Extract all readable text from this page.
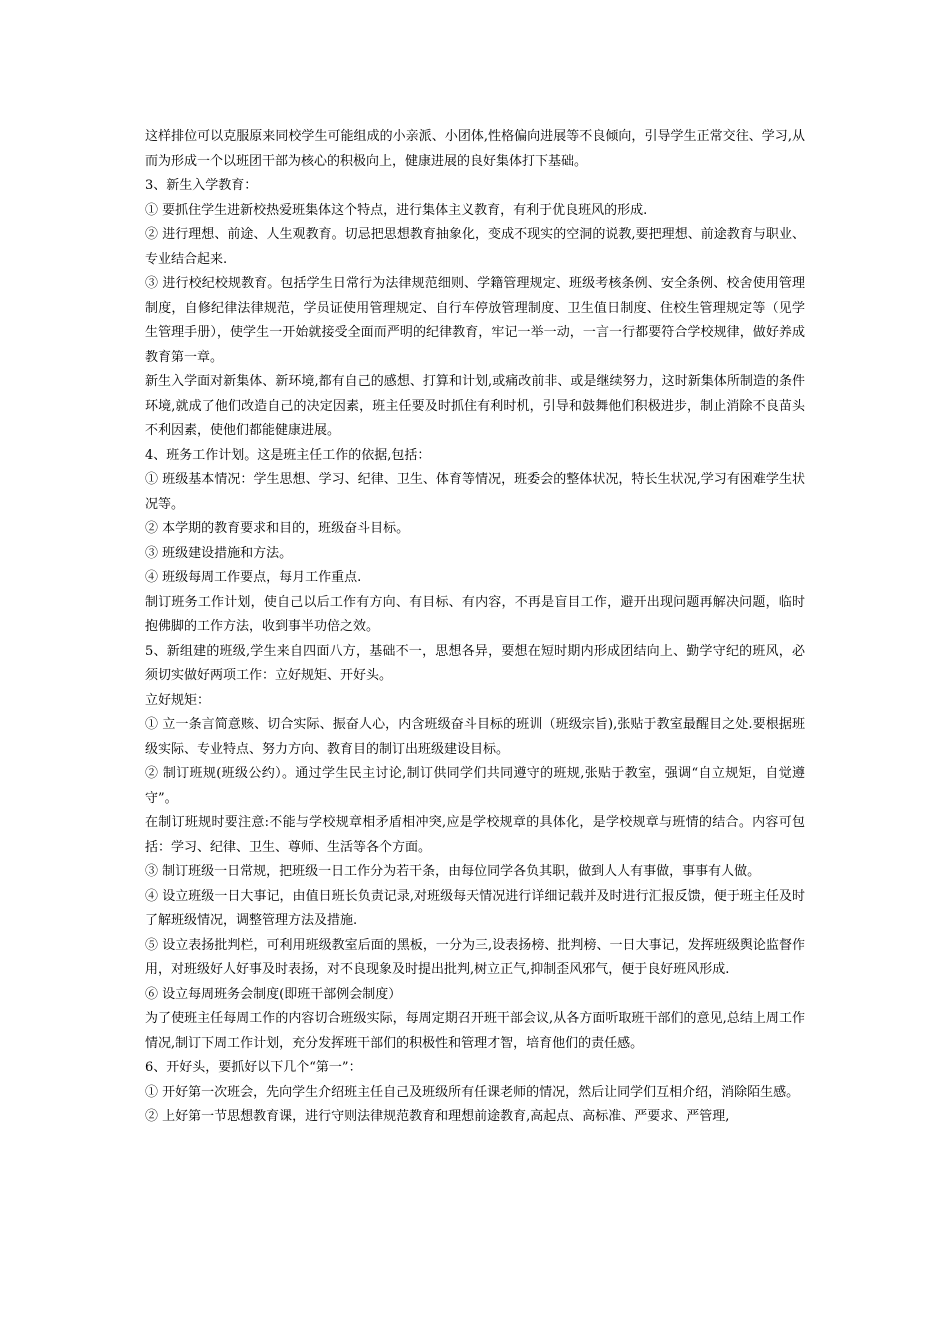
这样排位可以克服原来同校学生可能组成的小亲派、小团体,性格偏向进展等不良倾向，引导学生正常交往、学习,从而为形成一个以班团干部为核心的积极向上，健康进展的良好集体打下基础。

3、新生入学教育：

① 要抓住学生进新校热爱班集体这个特点，进行集体主义教育，有利于优良班风的形成.

② 进行理想、前途、人生观教育。切忌把思想教育抽象化，变成不现实的空洞的说教,要把理想、前途教育与职业、专业结合起来.

③ 进行校纪校规教育。包括学生日常行为法律规范细则、学籍管理规定、班级考核条例、安全条例、校舍使用管理制度，自修纪律法律规范，学员证使用管理规定、自行车停放管理制度、卫生值日制度、住校生管理规定等（见学生管理手册），使学生一开始就接受全面而严明的纪律教育，牢记一举一动，一言一行都要符合学校规律，做好养成教育第一章。

新生入学面对新集体、新环境,都有自己的感想、打算和计划,或痛改前非、或是继续努力，这时新集体所制造的条件环境,就成了他们改造自己的决定因素，班主任要及时抓住有利时机，引导和鼓舞他们积极进步，制止消除不良苗头不利因素，使他们都能健康进展。

4、班务工作计划。这是班主任工作的依据,包括：

① 班级基本情况：学生思想、学习、纪律、卫生、体育等情况，班委会的整体状况，特长生状况,学习有困难学生状况等。

② 本学期的教育要求和目的，班级奋斗目标。

③ 班级建设措施和方法。

④ 班级每周工作要点，每月工作重点.

制订班务工作计划，使自己以后工作有方向、有目标、有内容，不再是盲目工作，避开出现问题再解决问题，临时抱佛脚的工作方法，收到事半功倍之效。

5、新组建的班级,学生来自四面八方，基础不一，思想各异，要想在短时期内形成团结向上、勤学守纪的班风，必须切实做好两项工作：立好规矩、开好头。

立好规矩：

① 立一条言简意赅、切合实际、振奋人心，内含班级奋斗目标的班训（班级宗旨),张贴于教室最醒目之处.要根据班级实际、专业特点、努力方向、教育目的制订出班级建设目标。

② 制订班规(班级公约）。通过学生民主讨论,制订供同学们共同遵守的班规,张贴于教室，强调“自立规矩，自觉遵守”。

在制订班规时要注意:不能与学校规章相矛盾相冲突,应是学校规章的具体化，是学校规章与班情的结合。内容可包括：学习、纪律、卫生、尊师、生活等各个方面。

③ 制订班级一日常规，把班级一日工作分为若干条，由每位同学各负其职，做到人人有事做，事事有人做。

④ 设立班级一日大事记，由值日班长负责记录,对班级每天情况进行详细记载并及时进行汇报反馈，便于班主任及时了解班级情况，调整管理方法及措施.

⑤ 设立表扬批判栏，可利用班级教室后面的黑板，一分为三,设表扬榜、批判榜、一日大事记，发挥班级舆论监督作用，对班级好人好事及时表扬，对不良现象及时提出批判,树立正气,抑制歪风邪气，便于良好班风形成.

⑥ 设立每周班务会制度(即班干部例会制度）

为了使班主任每周工作的内容切合班级实际，每周定期召开班干部会议,从各方面听取班干部们的意见,总结上周工作情况,制订下周工作计划，充分发挥班干部们的积极性和管理才智，培育他们的责任感。

6、开好头，要抓好以下几个“第一”：

① 开好第一次班会，先向学生介绍班主任自己及班级所有任课老师的情况，然后让同学们互相介绍，消除陌生感。

② 上好第一节思想教育课，进行守则法律规范教育和理想前途教育,高起点、高标准、严要求、严管理,
